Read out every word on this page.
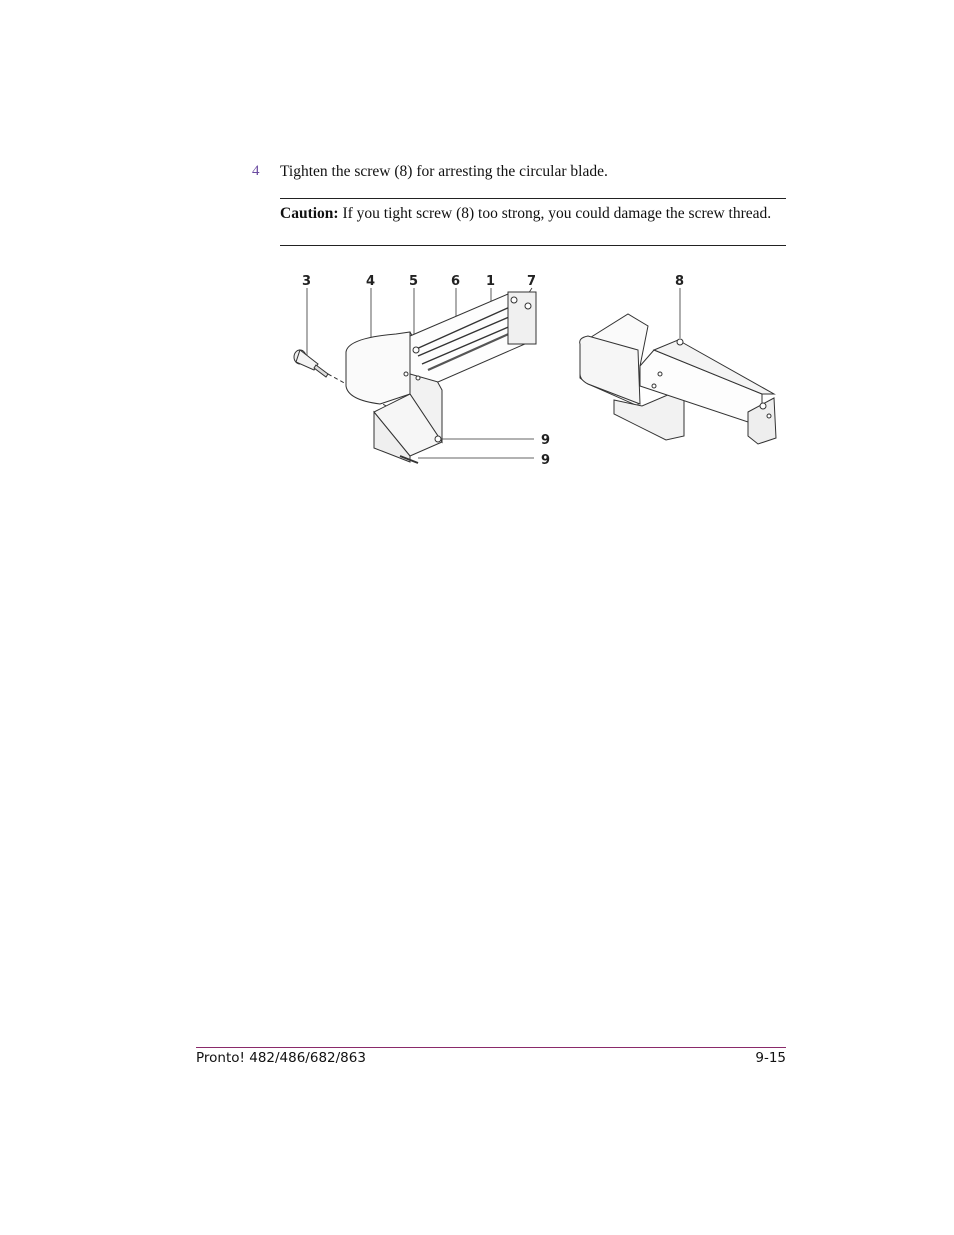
4 Tighten the screw (8) for arresting the circular blade.
Caution: If you tight screw (8) too strong, you could damage the screw thread.
3	4	5	6 1 7	8
9
9
Pronto! 482/486/682/863	9-15
